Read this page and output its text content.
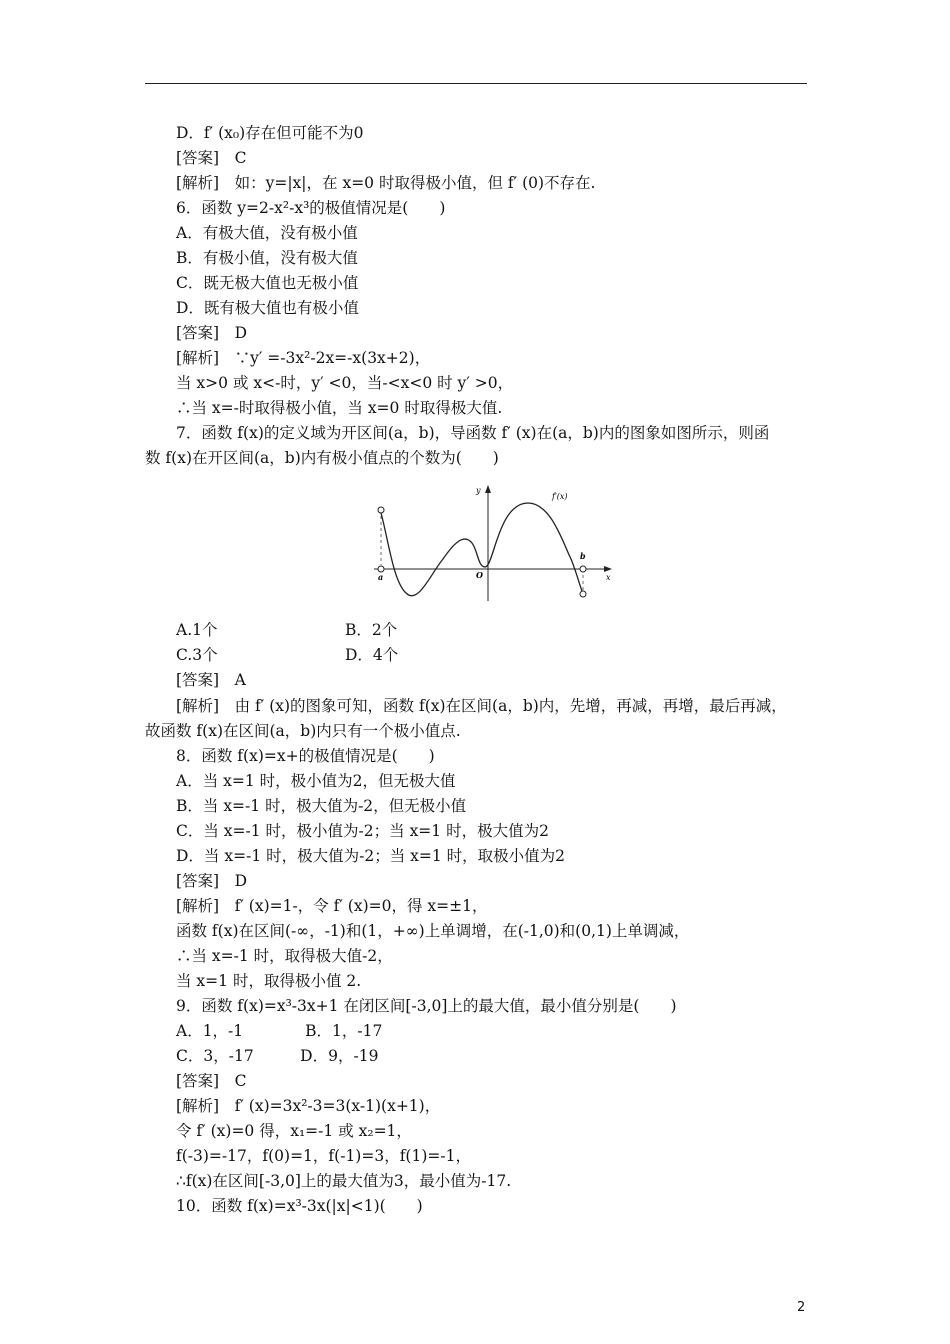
D．f′ (x₀)存在但可能不为0
[答案]　C
[解析]　如：y=|x|，在 x=0 时取得极小值，但 f′ (0)不存在.
6．函数 y=2-x²-x³的极值情况是(　　)
A．有极大值，没有极小值
B．有极小值，没有极大值
C．既无极大值也无极小值
D．既有极大值也有极小值
[答案]　D
[解析]　∵y′ =-3x²-2x=-x(3x+2)，
当 x>0 或 x<-时，y′ <0，当-<x<0 时 y′ >0，
∴当 x=-时取得极小值，当 x=0 时取得极大值.
7．函数 f(x)的定义域为开区间(a，b)，导函数 f′ (x)在(a，b)内的图象如图所示，则函
数 f(x)在开区间(a，b)内有极小值点的个数为(　　)
y
x
f′(x)
a
b
O
A.1个	B．2个
C.3个	D．4个
[答案]　A
[解析]　由 f′ (x)的图象可知，函数 f(x)在区间(a，b)内，先增，再减，再增，最后再减，
故函数 f(x)在区间(a，b)内只有一个极小值点.
8．函数 f(x)=x+的极值情况是(　　)
A．当 x=1 时，极小值为2，但无极大值
B．当 x=-1 时，极大值为-2，但无极小值
C．当 x=-1 时，极小值为-2；当 x=1 时，极大值为2
D．当 x=-1 时，极大值为-2；当 x=1 时，取极小值为2
[答案]　D
[解析]　f′ (x)=1-，令 f′ (x)=0，得 x=±1，
函数 f(x)在区间(-∞，-1)和(1，+∞)上单调增，在(-1,0)和(0,1)上单调减，
∴当 x=-1 时，取得极大值-2，
当 x=1 时，取得极小值 2.
9．函数 f(x)=x³-3x+1 在闭区间[-3,0]上的最大值，最小值分别是(　　)
A．1，-1　　　　B．1，-17
C．3，-17　　　D．9，-19
[答案]　C
[解析]　f′ (x)=3x²-3=3(x-1)(x+1)，
令 f′ (x)=0 得，x₁=-1 或 x₂=1，
f(-3)=-17，f(0)=1，f(-1)=3，f(1)=-1，
∴f(x)在区间[-3,0]上的最大值为3，最小值为-17.
10．函数 f(x)=x³-3x(|x|<1)(　　)
2
